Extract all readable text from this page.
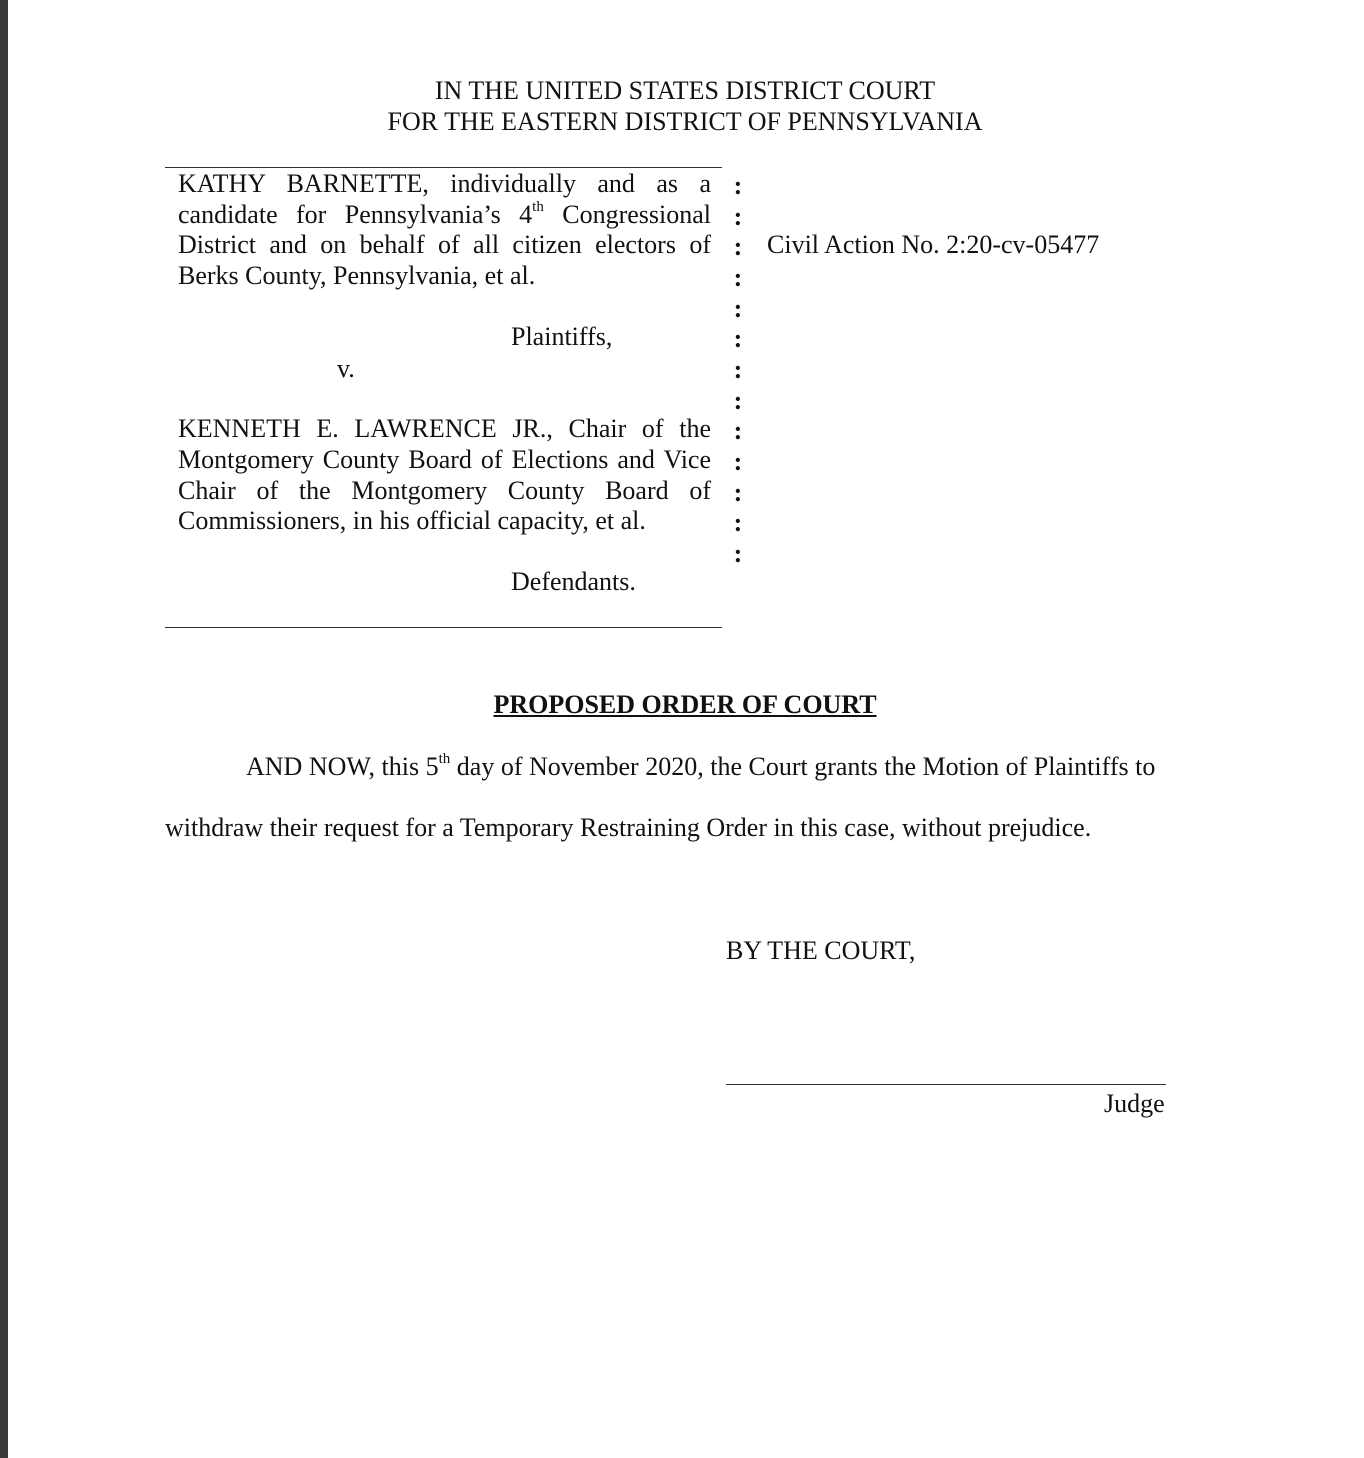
IN THE UNITED STATES DISTRICT COURT
FOR THE EASTERN DISTRICT OF PENNSYLVANIA
KATHY BARNETTE, individually and as a
candidate for Pennsylvania’s 4th Congressional
District and on behalf of all citizen electors of
Berks County, Pennsylvania, et al.
Plaintiffs,
v.
KENNETH E. LAWRENCE JR., Chair of the
Montgomery County Board of Elections and Vice
Chair of the Montgomery County Board of
Commissioners, in his official capacity, et al.
Defendants.
:
:
:
:
:
:
:
:
:
:
:
:
:
Civil Action No. 2:20-cv-05477
PROPOSED ORDER OF COURT
AND NOW, this 5th day of November 2020, the Court grants the Motion of Plaintiffs to
withdraw their request for a Temporary Restraining Order in this case, without prejudice.
BY THE COURT,
Judge
